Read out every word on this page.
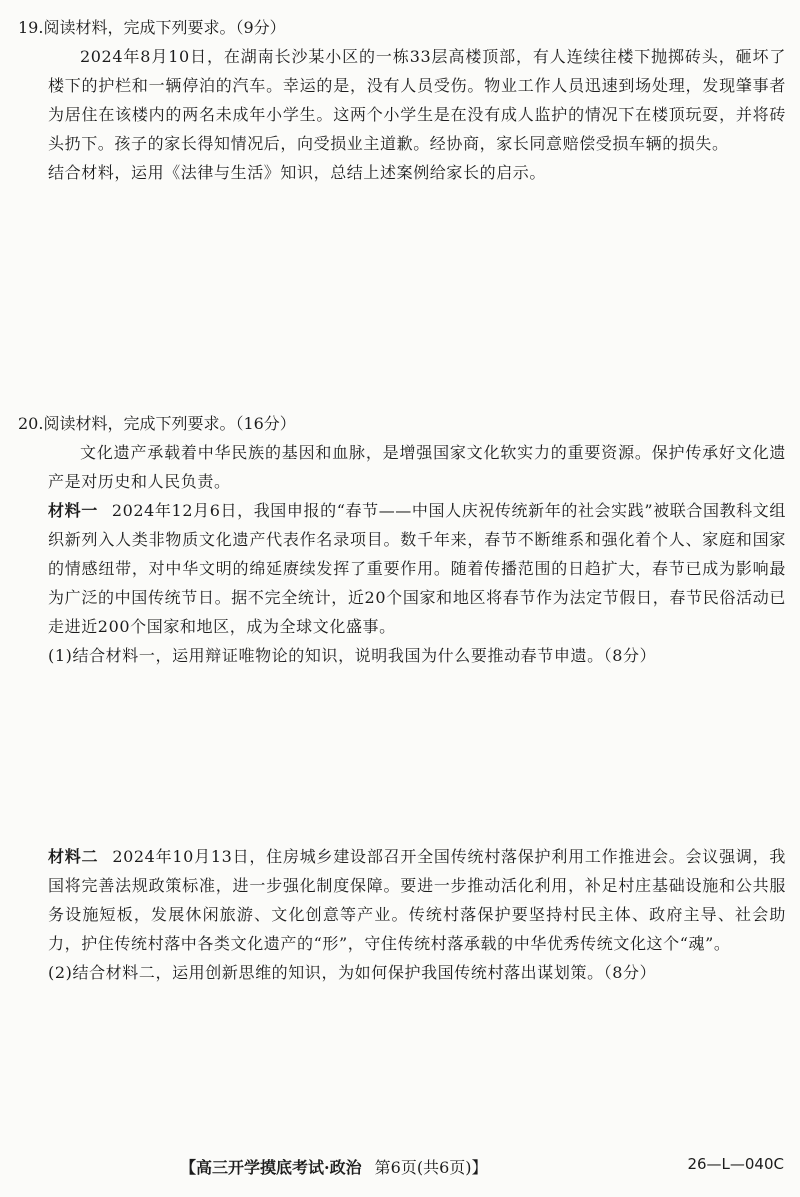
19.阅读材料，完成下列要求。（9分）

2024年8月10日，在湖南长沙某小区的一栋33层高楼顶部，有人连续往楼下抛掷砖头，砸坏了楼下的护栏和一辆停泊的汽车。幸运的是，没有人员受伤。物业工作人员迅速到场处理，发现肇事者为居住在该楼内的两名未成年小学生。这两个小学生是在没有成人监护的情况下在楼顶玩耍，并将砖头扔下。孩子的家长得知情况后，向受损业主道歉。经协商，家长同意赔偿受损车辆的损失。

结合材料，运用《法律与生活》知识，总结上述案例给家长的启示。

20.阅读材料，完成下列要求。（16分）

文化遗产承载着中华民族的基因和血脉，是增强国家文化软实力的重要资源。保护传承好文化遗产是对历史和人民负责。

材料一 2024年12月6日，我国申报的“春节——中国人庆祝传统新年的社会实践”被联合国教科文组织新列入人类非物质文化遗产代表作名录项目。数千年来，春节不断维系和强化着个人、家庭和国家的情感纽带，对中华文明的绵延赓续发挥了重要作用。随着传播范围的日趋扩大，春节已成为影响最为广泛的中国传统节日。据不完全统计，近20个国家和地区将春节作为法定节假日，春节民俗活动已走进近200个国家和地区，成为全球文化盛事。

(1)结合材料一，运用辩证唯物论的知识，说明我国为什么要推动春节申遗。（8分）

材料二 2024年10月13日，住房城乡建设部召开全国传统村落保护利用工作推进会。会议强调，我国将完善法规政策标准，进一步强化制度保障。要进一步推动活化利用，补足村庄基础设施和公共服务设施短板，发展休闲旅游、文化创意等产业。传统村落保护要坚持村民主体、政府主导、社会助力，护住传统村落中各类文化遗产的“形”，守住传统村落承载的中华优秀传统文化这个“魂”。

(2)结合材料二，运用创新思维的知识，为如何保护我国传统村落出谋划策。（8分）

【高三开学摸底考试·政治 第6页(共6页)】	26—L—040C
